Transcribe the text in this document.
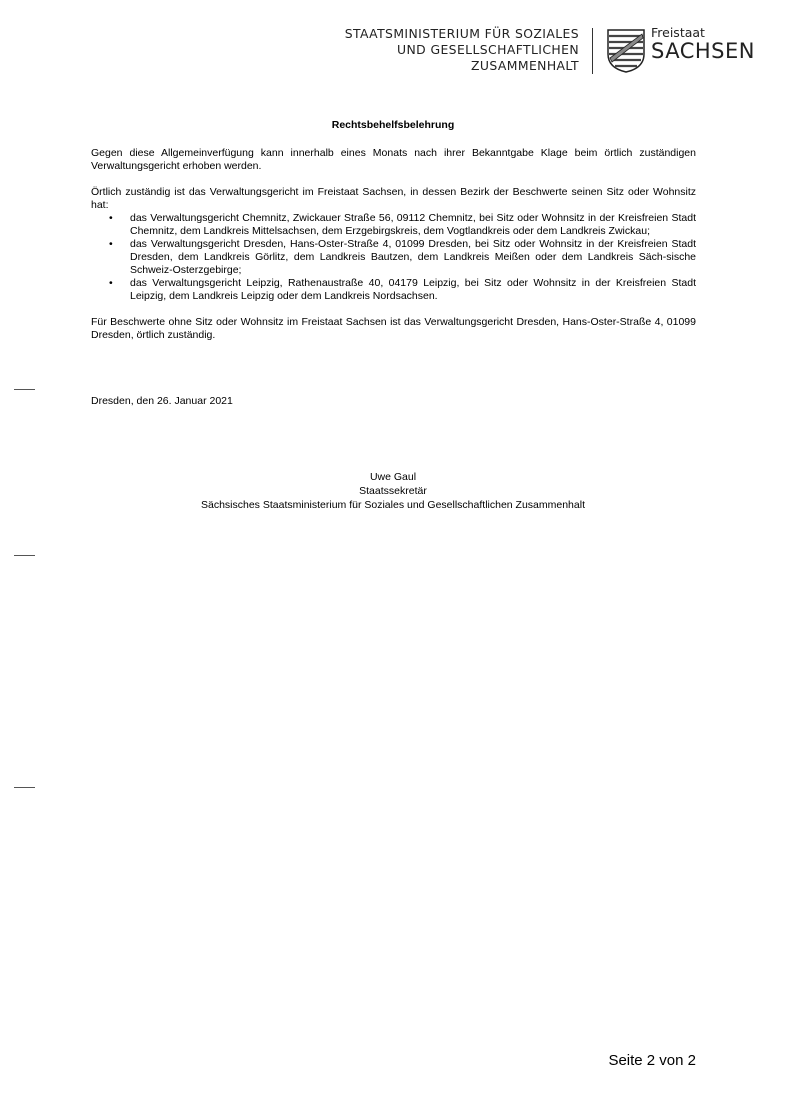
STAATSMINISTERIUM FÜR SOZIALES
UND GESELLSCHAFTLICHEN
ZUSAMMENHALT
Freistaat
SACHSEN
Rechtsbehelfsbelehrung

Gegen diese Allgemeinverfügung kann innerhalb eines Monats nach ihrer Bekanntgabe Klage beim örtlich zuständigen Verwaltungsgericht erhoben werden.

Örtlich zuständig ist das Verwaltungsgericht im Freistaat Sachsen, in dessen Bezirk der Beschwerte seinen Sitz oder Wohnsitz hat:

• das Verwaltungsgericht Chemnitz, Zwickauer Straße 56, 09112 Chemnitz, bei Sitz oder Wohnsitz in der Kreisfreien Stadt Chemnitz, dem Landkreis Mittelsachsen, dem Erzgebirgskreis, dem Vogtlandkreis oder dem Landkreis Zwickau;
• das Verwaltungsgericht Dresden, Hans-Oster-Straße 4, 01099 Dresden, bei Sitz oder Wohnsitz in der Kreisfreien Stadt Dresden, dem Landkreis Görlitz, dem Landkreis Bautzen, dem Landkreis Meißen oder dem Landkreis Säch-sische Schweiz-Osterzgebirge;
• das Verwaltungsgericht Leipzig, Rathenaustraße 40, 04179 Leipzig, bei Sitz oder Wohnsitz in der Kreisfreien Stadt Leipzig, dem Landkreis Leipzig oder dem Landkreis Nordsachsen.

Für Beschwerte ohne Sitz oder Wohnsitz im Freistaat Sachsen ist das Verwaltungsgericht Dresden, Hans-Oster-Straße 4, 01099 Dresden, örtlich zuständig.

Dresden, den 26. Januar 2021
Uwe Gaul
Staatssekretär
Sächsisches Staatsministerium für Soziales und Gesellschaftlichen Zusammenhalt
Seite 2 von 2
